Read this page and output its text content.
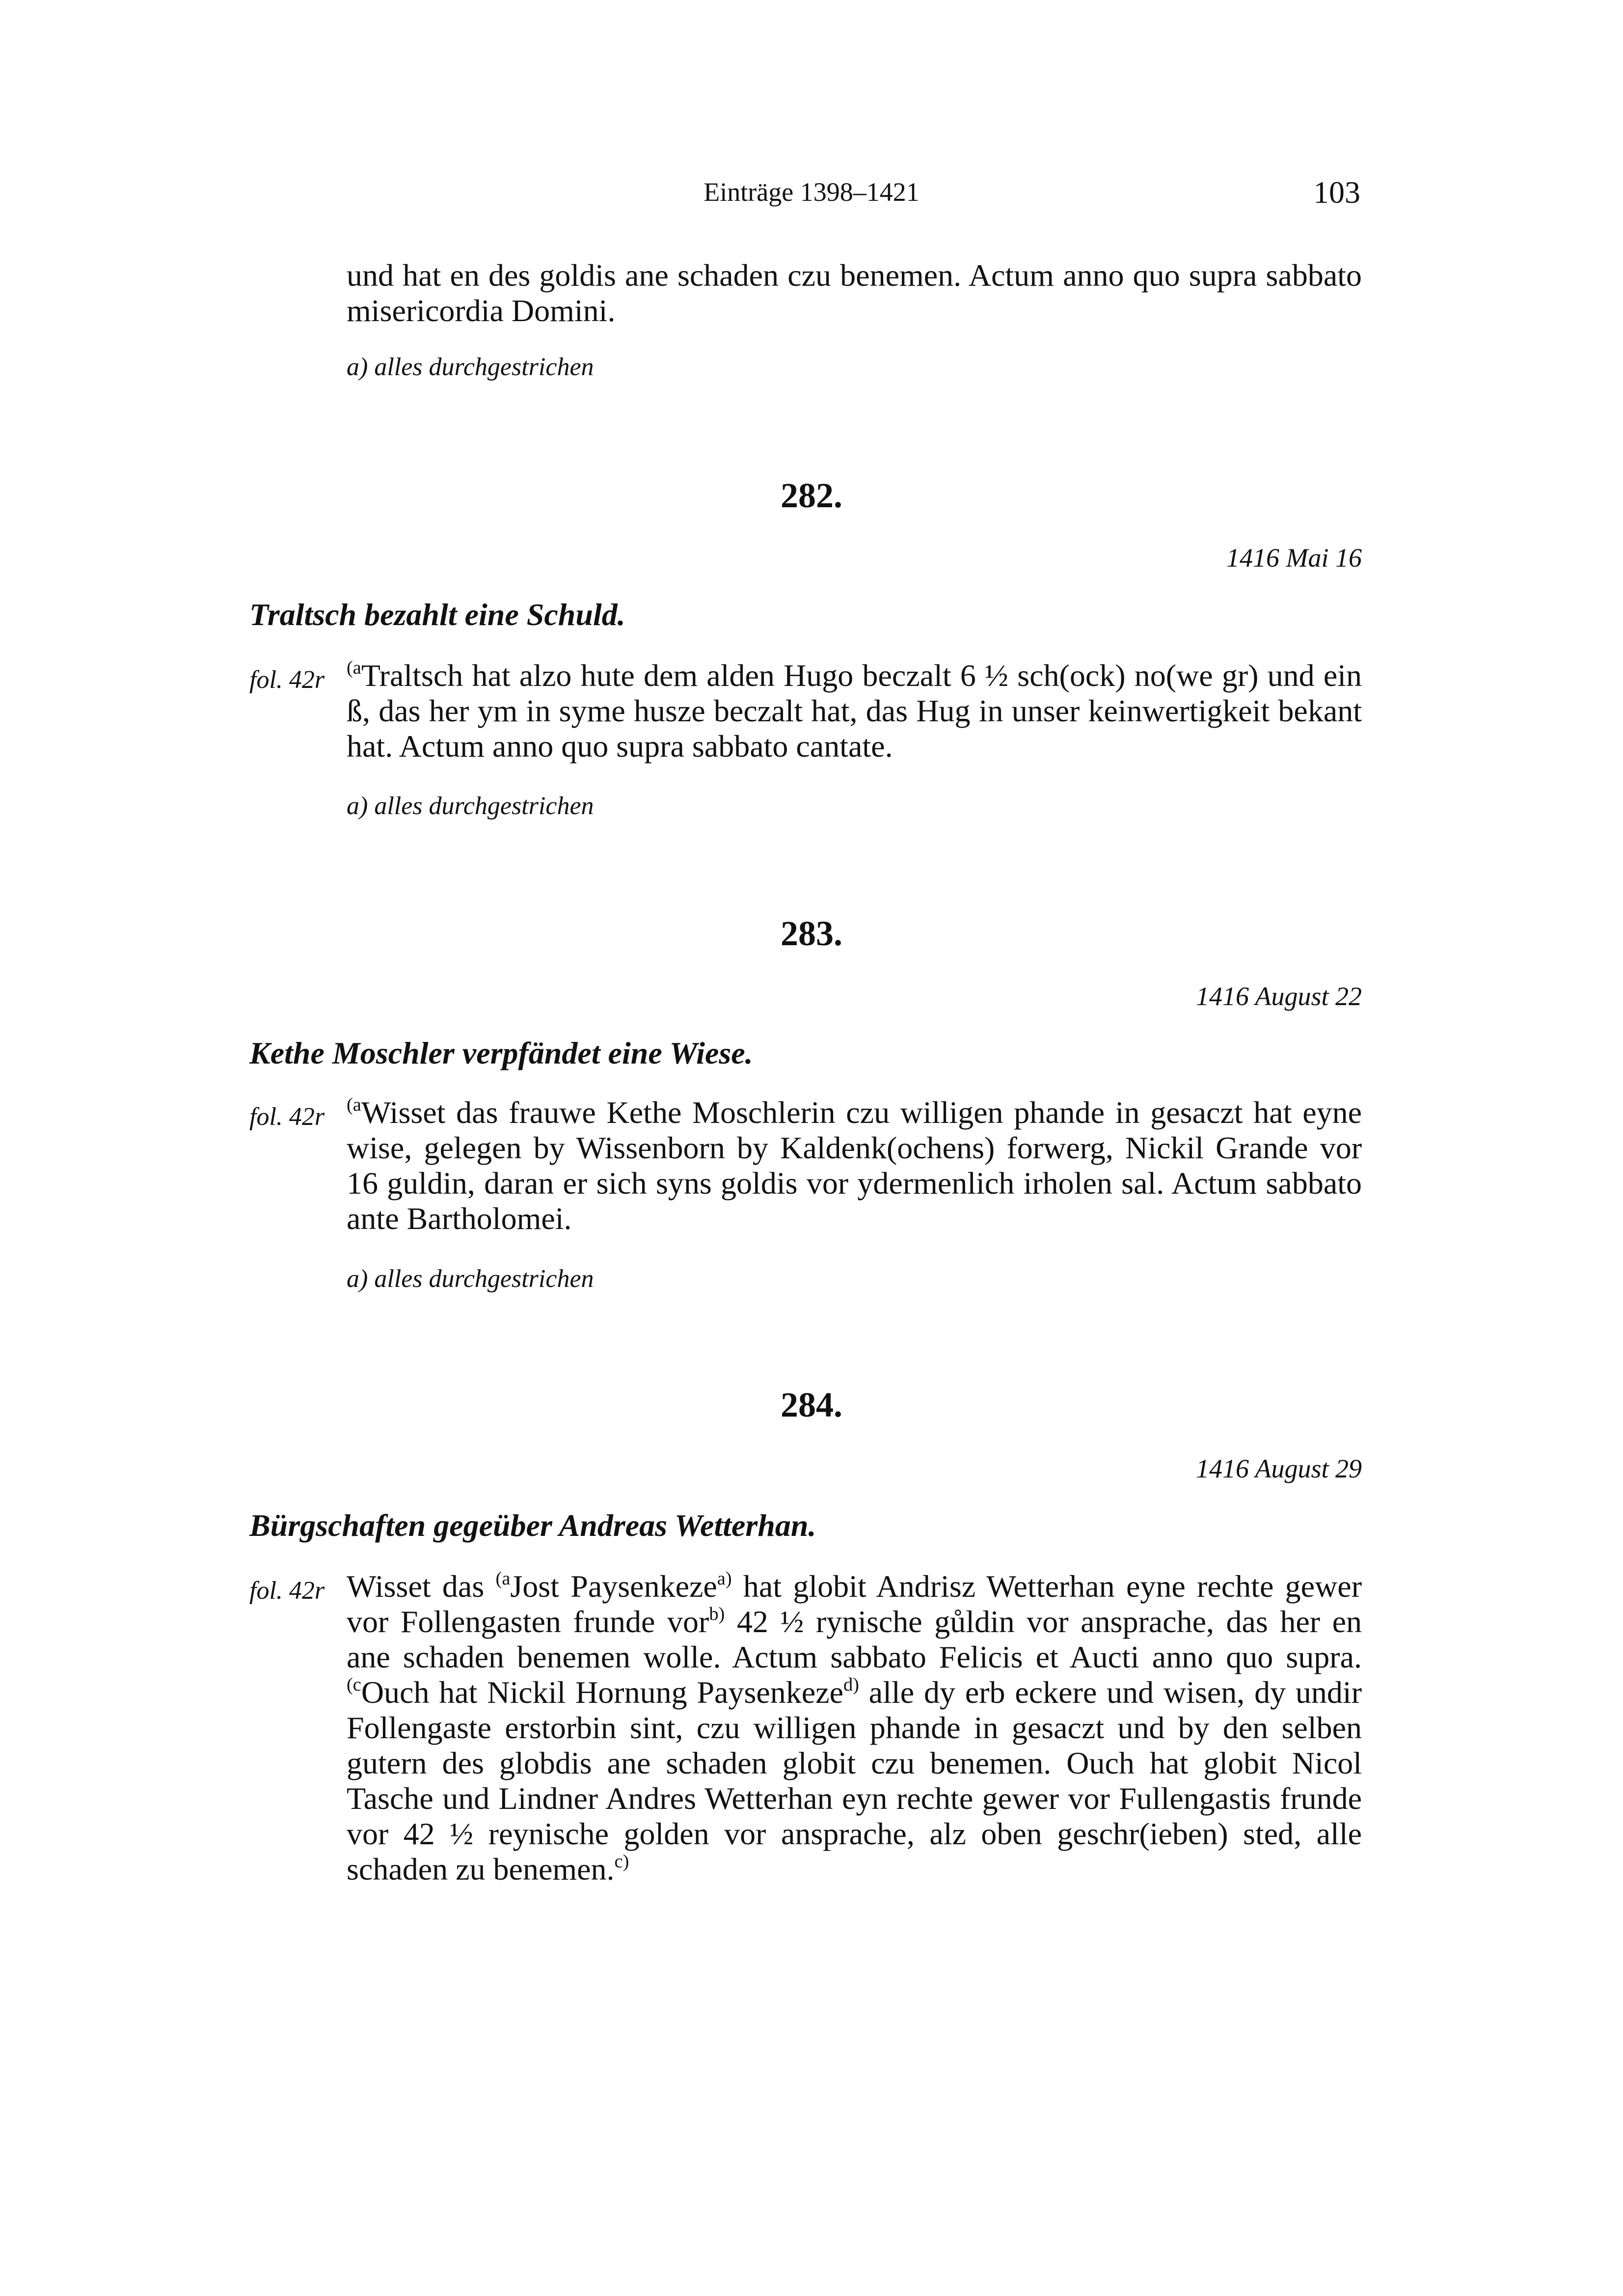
Einträge 1398–1421	103

und hat en des goldis ane schaden czu benemen. Actum anno quo supra sabbato misericordia Domini.

a) alles durchgestrichen
282.
1416 Mai 16
Traltsch bezahlt eine Schuld.
fol. 42r $^{(a}$Traltsch hat alzo hute dem alden Hugo beczalt 6 ½ sch(ock) no(we gr) und ein ß, das her ym in syme husze beczalt hat, das Hug in unser keinwertigkeit bekant hat. Actum anno quo supra sabbato cantate.

a) alles durchgestrichen
283.
1416 August 22
Kethe Moschler verpfändet eine Wiese.
fol. 42r $^{(a}$Wisset das frauwe Kethe Moschlerin czu willigen phande in gesaczt hat eyne wise, gelegen by Wissenborn by Kaldenk(ochens) forwerg, Nickil Grande vor 16 guldin, daran er sich syns goldis vor ydermenlich irholen sal. Actum sabbato ante Bartholomei.

a) alles durchgestrichen
284.
1416 August 29
Bürgschaften gegeüber Andreas Wetterhan.
fol. 42r Wisset das $^{(a}$Jost Paysenkeze$^{a)}$ hat globit Andrisz Wetterhan eyne rechte gewer vor Follengasten frunde vor$^{b)}$ 42 ½ rynische gůldin vor ansprache, das her en ane schaden benemen wolle. Actum sabbato Felicis et Aucti anno quo supra. $^{(c}$Ouch hat Nickil Hornung Paysenkeze$^{d)}$ alle dy erb eckere und wisen, dy undir Follengaste erstorbin sint, czu willigen phande in gesaczt und by den selben gutern des globdis ane schaden globit czu benemen. Ouch hat globit Nicol Tasche und Lindner Andres Wetterhan eyn rechte gewer vor Fullengastis frunde vor 42 ½ reynische golden vor ansprache, alz oben geschr(ieben) sted, alle schaden zu benemen.$^{c)}$
